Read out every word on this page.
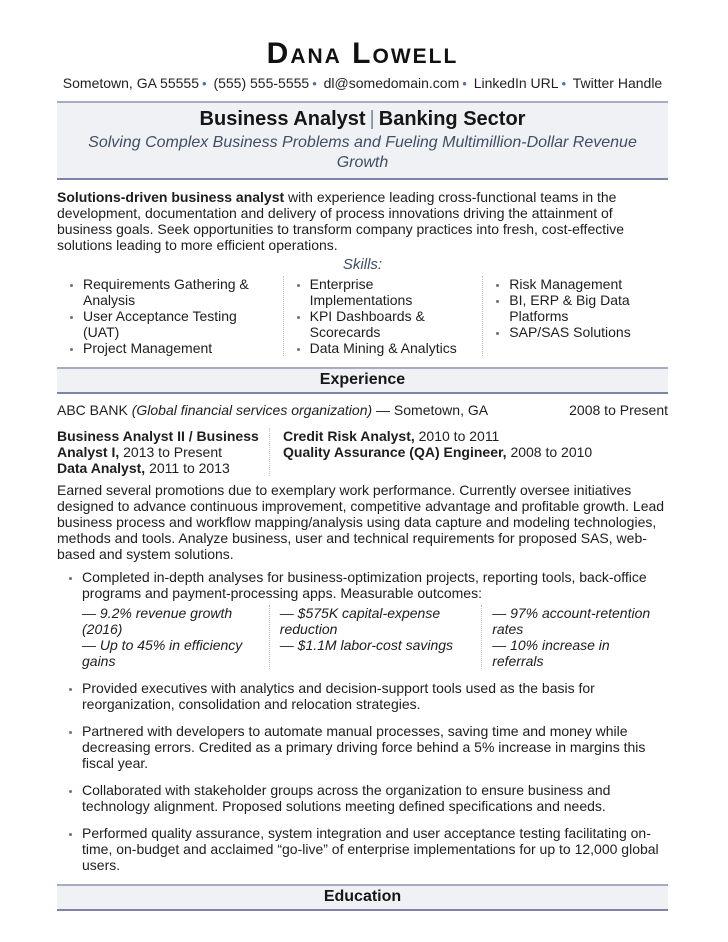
Dana Lowell
Sometown, GA 55555 • (555) 555-5555 • dl@somedomain.com • LinkedIn URL • Twitter Handle
Business Analyst | Banking Sector
Solving Complex Business Problems and Fueling Multimillion-Dollar Revenue Growth

Solutions-driven business analyst with experience leading cross-functional teams in the development, documentation and delivery of process innovations driving the attainment of business goals. Seek opportunities to transform company practices into fresh, cost-effective solutions leading to more efficient operations.

Skills:
• Requirements Gathering & Analysis
• User Acceptance Testing (UAT)
• Project Management
• Enterprise Implementations
• KPI Dashboards & Scorecards
• Data Mining & Analytics
• Risk Management
• BI, ERP & Big Data Platforms
• SAP/SAS Solutions
Experience
ABC BANK (Global financial services organization) — Sometown, GA	2008 to Present
Business Analyst II / Business Analyst I, 2013 to Present
Data Analyst, 2011 to 2013
Credit Risk Analyst, 2010 to 2011
Quality Assurance (QA) Engineer, 2008 to 2010

Earned several promotions due to exemplary work performance. Currently oversee initiatives designed to advance continuous improvement, competitive advantage and profitable growth. Lead business process and workflow mapping/analysis using data capture and modeling technologies, methods and tools. Analyze business, user and technical requirements for proposed SAS, web-based and system solutions.

• Completed in-depth analyses for business-optimization projects, reporting tools, back-office programs and payment-processing apps. Measurable outcomes:
— 9.2% revenue growth (2016)
— Up to 45% in efficiency gains
— $575K capital-expense reduction
— $1.1M labor-cost savings
— 97% account-retention rates
— 10% increase in referrals
• Provided executives with analytics and decision-support tools used as the basis for reorganization, consolidation and relocation strategies.
• Partnered with developers to automate manual processes, saving time and money while decreasing errors. Credited as a primary driving force behind a 5% increase in margins this fiscal year.
• Collaborated with stakeholder groups across the organization to ensure business and technology alignment. Proposed solutions meeting defined specifications and needs.
• Performed quality assurance, system integration and user acceptance testing facilitating on-time, on-budget and acclaimed “go-live” of enterprise implementations for up to 12,000 global users.
Education
